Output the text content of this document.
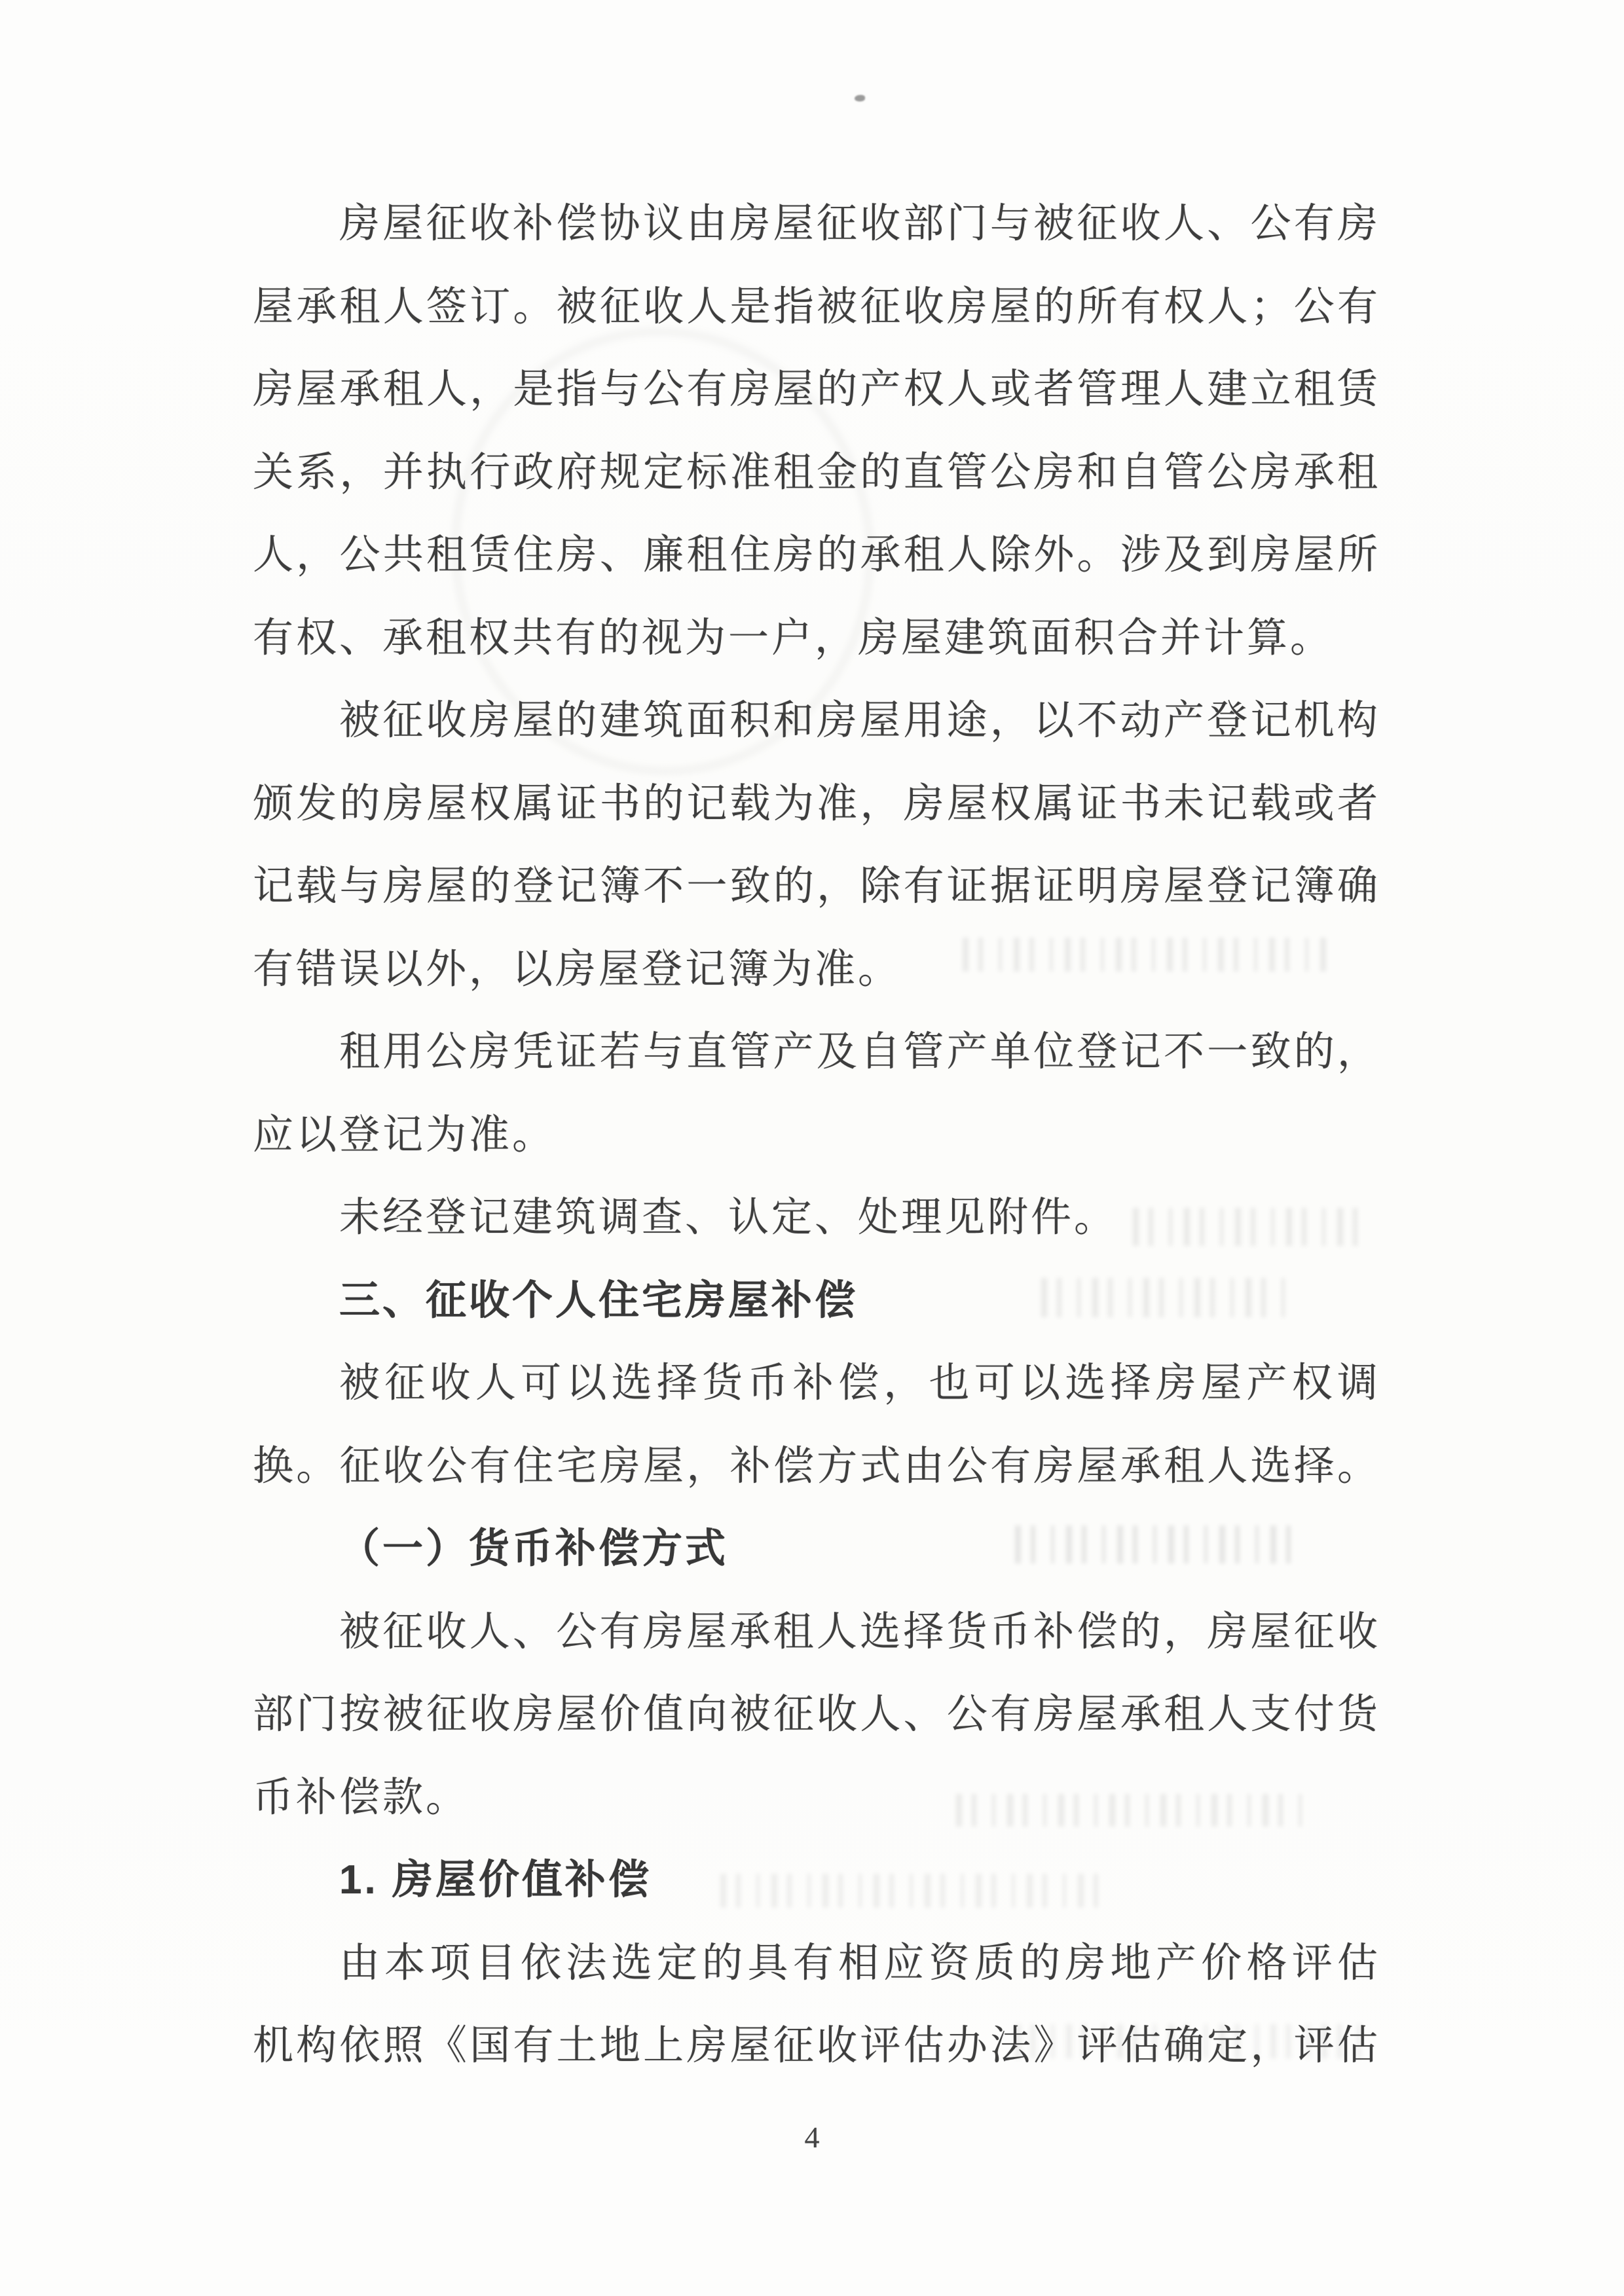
房屋征收补偿协议由房屋征收部门与被征收人、公有房
屋承租人签订。被征收人是指被征收房屋的所有权人；公有
房屋承租人，是指与公有房屋的产权人或者管理人建立租赁
关系，并执行政府规定标准租金的直管公房和自管公房承租
人，公共租赁住房、廉租住房的承租人除外。涉及到房屋所
有权、承租权共有的视为一户，房屋建筑面积合并计算。
被征收房屋的建筑面积和房屋用途，以不动产登记机构
颁发的房屋权属证书的记载为准，房屋权属证书未记载或者
记载与房屋的登记簿不一致的，除有证据证明房屋登记簿确
有错误以外，以房屋登记簿为准。
租用公房凭证若与直管产及自管产单位登记不一致的，
应以登记为准。
未经登记建筑调查、认定、处理见附件。
三、征收个人住宅房屋补偿
被征收人可以选择货币补偿，也可以选择房屋产权调
换。征收公有住宅房屋，补偿方式由公有房屋承租人选择。
（一）货币补偿方式
被征收人、公有房屋承租人选择货币补偿的，房屋征收
部门按被征收房屋价值向被征收人、公有房屋承租人支付货
币补偿款。
1. 房屋价值补偿
由本项目依法选定的具有相应资质的房地产价格评估
机构依照《国有土地上房屋征收评估办法》评估确定，评估
4
